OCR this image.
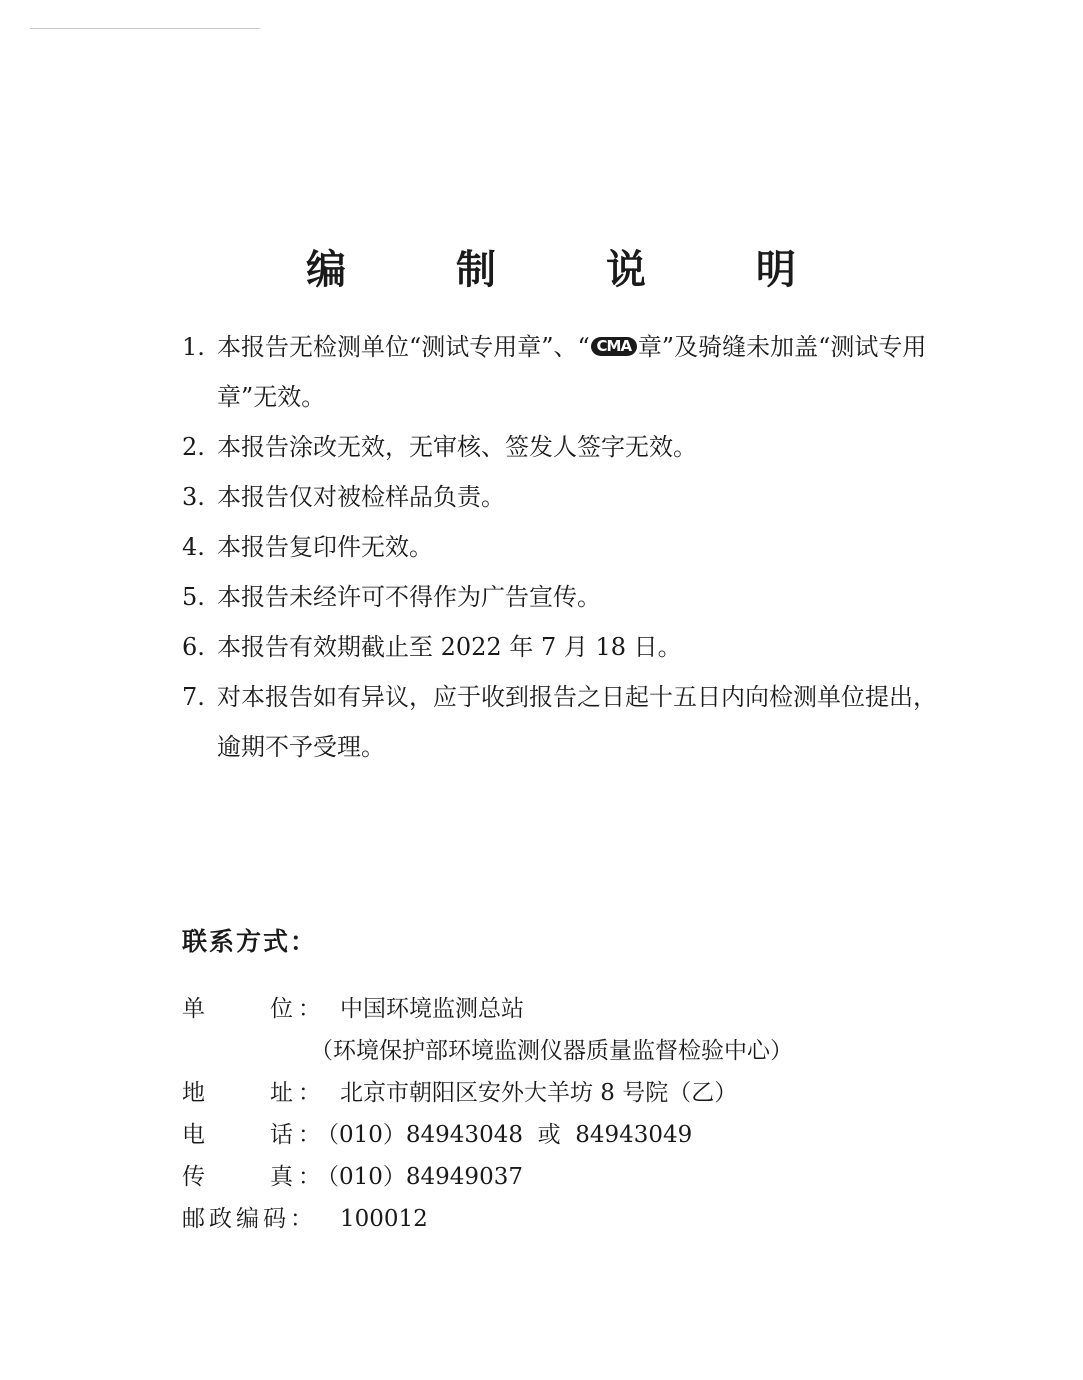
编 制 说 明
1. 本报告无检测单位“测试专用章”、“ CMA 章”及骑缝未加盖“测试专用章”无效。
2. 本报告涂改无效，无审核、签发人签字无效。
3. 本报告仅对被检样品负责。
4. 本报告复印件无效。
5. 本报告未经许可不得作为广告宣传。
6. 本报告有效期截止至 2022 年 7 月 18 日。
7. 对本报告如有异议，应于收到报告之日起十五日内向检测单位提出，逾期不予受理。
联系方式：
单	位 ： 中国环境监测总站
（环境保护部环境监测仪器质量监督检验中心）
地	址 ： 北京市朝阳区安外大羊坊 8 号院（乙）
电	话 ：
（010）84943048  或  84943049
传	真 ：
（010）84949037
邮政编码： 100012
